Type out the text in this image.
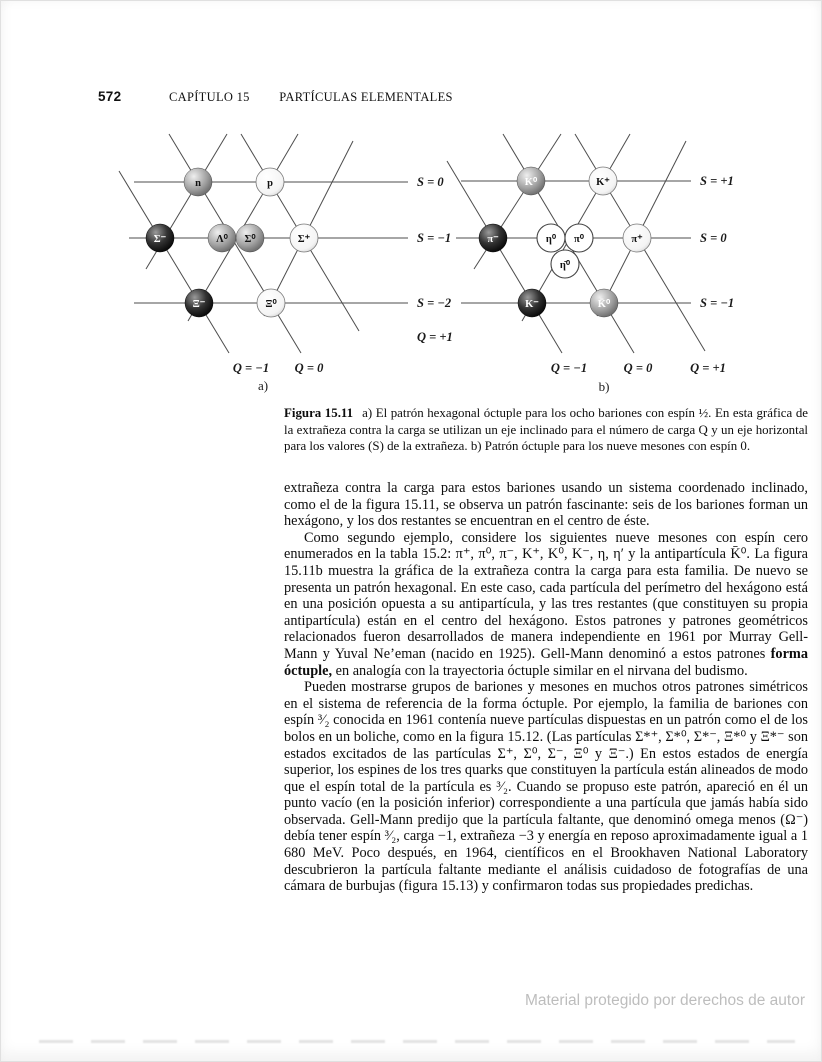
572	CAPÍTULO 15 PARTÍCULAS ELEMENTALES
n	p
Σ⁻	Λ⁰ Σ⁰	Σ⁺
Ξ⁻	Ξ⁰
S = 0
S = −1
S = −2
Q = +1
Q = −1 Q = 0
a)
K⁰	K⁺
π⁻	η⁰ π⁰	π⁺
η̄⁰
K⁻	K̄⁰
S = +1
S = 0
S = −1
Q = −1	Q = 0	Q = +1
b)
Figura 15.11 a) El patrón hexagonal óctuple para los ocho bariones con espín ½. En esta gráfica de la extrañeza contra la carga se utilizan un eje inclinado para el número de carga Q y un eje horizontal para los valores (S) de la extrañeza. b) Patrón óctuple para los nueve mesones con espín 0.

extrañeza contra la carga para estos bariones usando un sistema coordenado inclinado, como el de la figura 15.11, se observa un patrón fascinante: seis de los bariones forman un hexágono, y los dos restantes se encuentran en el centro de éste.

Como segundo ejemplo, considere los siguientes nueve mesones con espín cero enumerados en la tabla 15.2: π⁺, π⁰, π⁻, K⁺, K⁰, K⁻, η, η′ y la antipartícula K̄⁰. La figura 15.11b muestra la gráfica de la extrañeza contra la carga para esta familia. De nuevo se presenta un patrón hexagonal. En este caso, cada partícula del perímetro del hexágono está en una posición opuesta a su antipartícula, y las tres restantes (que constituyen su propia antipartícula) están en el centro del hexágono. Estos patrones y patrones geométricos relacionados fueron desarrollados de manera independiente en 1961 por Murray Gell-Mann y Yuval Ne’eman (nacido en 1925). Gell-Mann denominó a estos patrones forma óctuple, en analogía con la trayectoria óctuple similar en el nirvana del budismo.

Pueden mostrarse grupos de bariones y mesones en muchos otros patrones simétricos en el sistema de referencia de la forma óctuple. Por ejemplo, la familia de bariones con espín ³⁄₂ conocida en 1961 contenía nueve partículas dispuestas en un patrón como el de los bolos en un boliche, como en la figura 15.12. (Las partículas Σ*⁺, Σ*⁰, Σ*⁻, Ξ*⁰ y Ξ*⁻ son estados excitados de las partículas Σ⁺, Σ⁰, Σ⁻, Ξ⁰ y Ξ⁻.) En estos estados de energía superior, los espines de los tres quarks que constituyen la partícula están alineados de modo que el espín total de la partícula es ³⁄₂. Cuando se propuso este patrón, apareció en él un punto vacío (en la posición inferior) correspondiente a una partícula que jamás había sido observada. Gell-Mann predijo que la partícula faltante, que denominó omega menos (Ω⁻) debía tener espín ³⁄₂, carga −1, extrañeza −3 y energía en reposo aproximadamente igual a 1 680 MeV. Poco después, en 1964, científicos en el Brookhaven National Laboratory descubrieron la partícula faltante mediante el análisis cuidadoso de fotografías de una cámara de burbujas (figura 15.13) y confirmaron todas sus propiedades predichas.

Material protegido por derechos de autor
